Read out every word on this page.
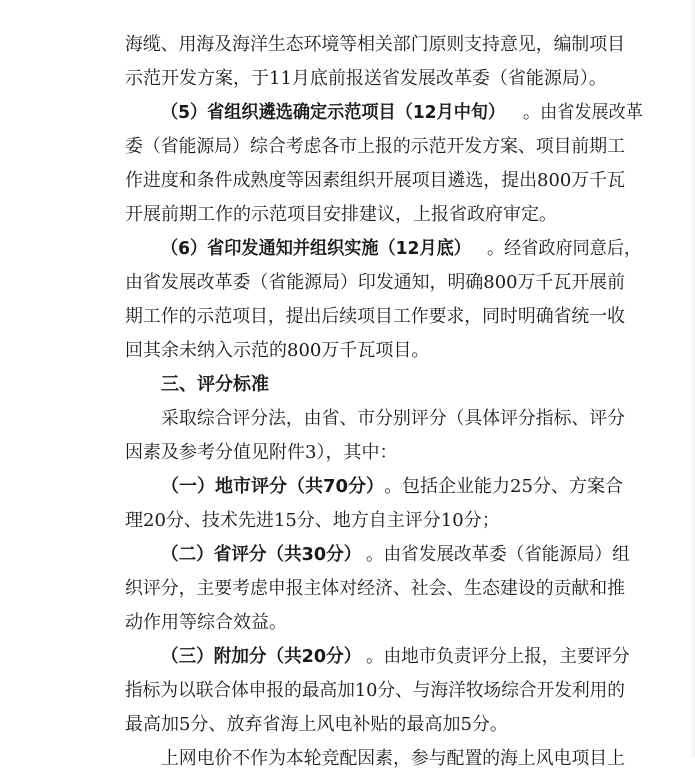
海缆、用海及海洋生态环境等相关部门原则支持意见，编制项目
示范开发方案，于11月底前报送省发展改革委（省能源局）。
（5）省组织遴选确定示范项目（12月中旬） 。由省发展改革
委（省能源局）综合考虑各市上报的示范开发方案、项目前期工
作进度和条件成熟度等因素组织开展项目遴选，提出800万千瓦
开展前期工作的示范项目安排建议，上报省政府审定。
（6）省印发通知并组织实施（12月底） 。经省政府同意后，
由省发展改革委（省能源局）印发通知，明确800万千瓦开展前
期工作的示范项目，提出后续项目工作要求，同时明确省统一收
回其余未纳入示范的800万千瓦项目。
三、评分标准
采取综合评分法，由省、市分别评分（具体评分指标、评分
因素及参考分值见附件3），其中：
（一）地市评分（共70分）。包括企业能力25分、方案合
理20分、技术先进15分、地方自主评分10分；
（二）省评分（共30分） 。由省发展改革委（省能源局）组
织评分，主要考虑申报主体对经济、社会、生态建设的贡献和推
动作用等综合效益。
（三）附加分（共20分） 。由地市负责评分上报，主要评分
指标为以联合体申报的最高加10分、与海洋牧场综合开发利用的
最高加5分、放弃省海上风电补贴的最高加5分。
上网电价不作为本轮竞配因素，参与配置的海上风电项目上
